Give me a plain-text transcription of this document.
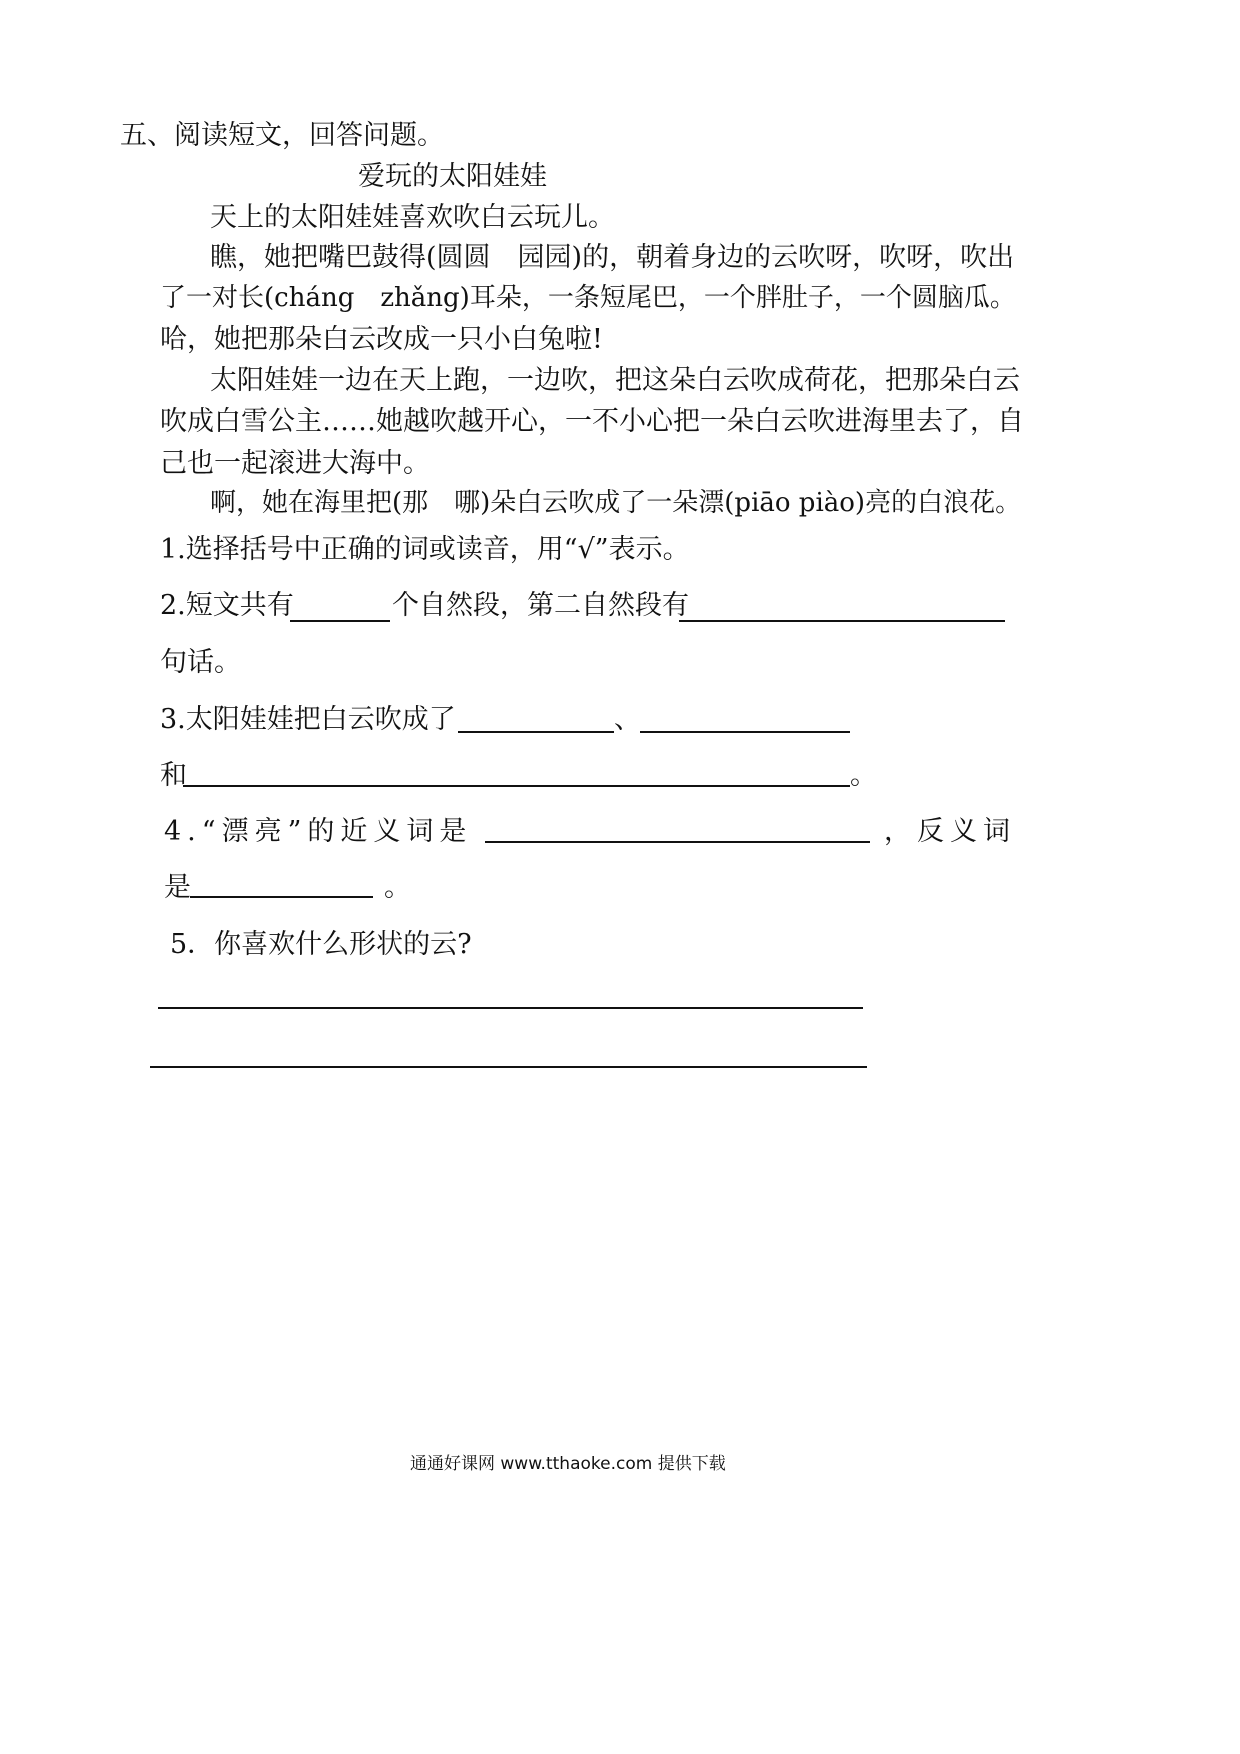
五、阅读短文，回答问题。
爱玩的太阳娃娃
天上的太阳娃娃喜欢吹白云玩儿。
瞧，她把嘴巴鼓得(圆圆　园园)的，朝着身边的云吹呀，吹呀，吹出
了一对长(cháng　zhǎng)耳朵，一条短尾巴，一个胖肚子，一个圆脑瓜。
哈，她把那朵白云改成一只小白兔啦!
太阳娃娃一边在天上跑，一边吹，把这朵白云吹成荷花，把那朵白云
吹成白雪公主……她越吹越开心，一不小心把一朵白云吹进海里去了，自
己也一起滚进大海中。
啊，她在海里把(那　哪)朵白云吹成了一朵漂(piāo piào)亮的白浪花。
1.选择括号中正确的词或读音，用“√”表示。
2.短文共有	个自然段，第二自然段有
句话。
3.太阳娃娃把白云吹成了	、
和	。
4.“漂亮”的近义词是	，反义词
是	。
5．你喜欢什么形状的云?
通通好课网 www.tthaoke.com 提供下载
